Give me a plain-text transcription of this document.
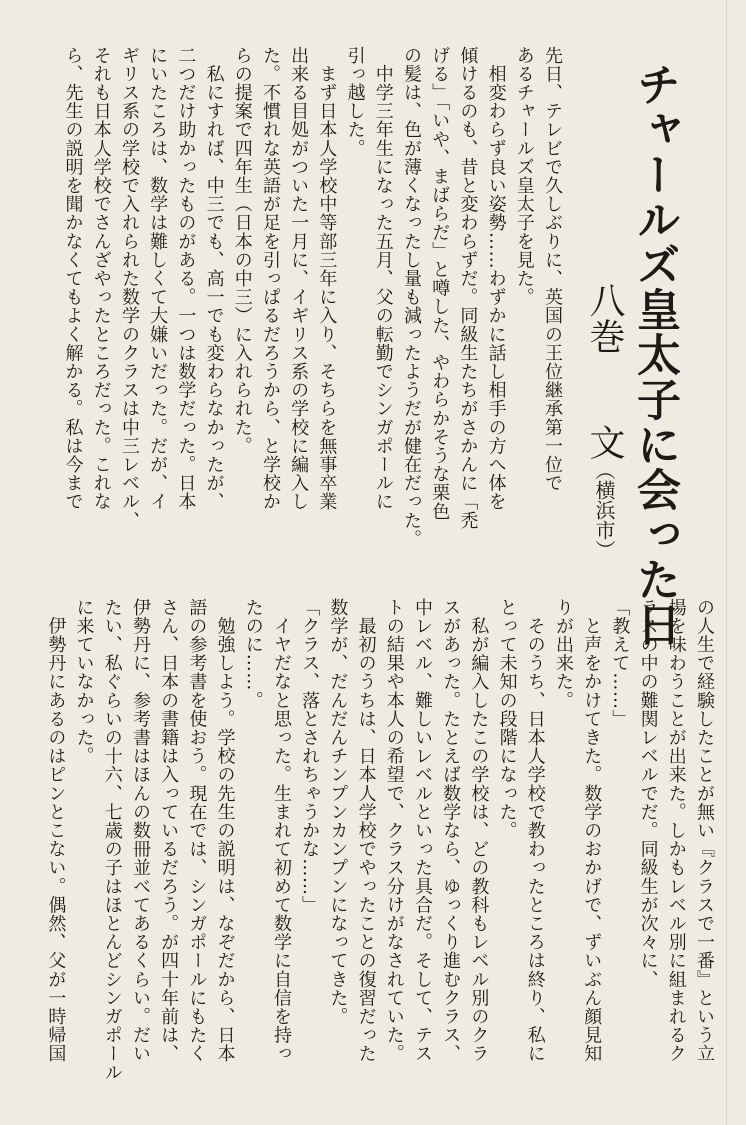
チャールズ皇太子に会った日
八巻文（横浜市）
先日、テレビで久しぶりに、英国の王位継承第一位で
あるチャールズ皇太子を見た。
　相変わらず良い姿勢……わずかに話し相手の方へ体を
傾けるのも、昔と変わらずだ。同級生たちがさかんに「禿
げる」「いや、まばらだ」と噂した、やわらかそうな栗色
の髪は、色が薄くなったし量も減ったようだが健在だった。
　中学三年生になった五月、父の転勤でシンガポールに
引っ越した。
　まず日本人学校中等部三年に入り、そちらを無事卒業
出来る目処がついた一月に、イギリス系の学校に編入し
た。不慣れな英語が足を引っぱるだろうから、と学校か
らの提案で四年生（日本の中三）に入れられた。
　私にすれば、中三でも、高一でも変わらなかったが、
二つだけ助かったものがある。一つは数学だった。日本
にいたころは、数学は難しくて大嫌いだった。だが、イ
ギリス系の学校で入れられた数学のクラスは中三レベル、
それも日本人学校でさんざやったところだった。これな
ら、先生の説明を聞かなくてもよく解かる。私は今まで
の人生で経験したことが無い『クラスで一番』という立
場を味わうことが出来た。しかもレベル別に組まれるク
ラスの中の難関レベルでだ。同級生が次々に、
「教えて……」
　と声をかけてきた。数学のおかげで、ずいぶん顔見知
りが出来た。
　そのうち、日本人学校で教わったところは終り、私に
とって未知の段階になった。
　私が編入したこの学校は、どの教科もレベル別のクラ
スがあった。たとえば数学なら、ゆっくり進むクラス、
中レベル、難しいレベルといった具合だ。そして、テス
トの結果や本人の希望で、クラス分けがなされていた。
　最初のうちは、日本人学校でやったことの復習だった
数学が、だんだんチンプンカンプンになってきた。
「クラス、落とされちゃうかな……」
　イヤだなと思った。生まれて初めて数学に自信を持っ
たのに……。
　勉強しよう。学校の先生の説明は、なぞだから、日本
語の参考書を使おう。現在では、シンガポールにもたく
さん、日本の書籍は入っているだろう。が四十年前は、
伊勢丹に、参考書はほんの数冊並べてあるくらい。だい
たい、私ぐらいの十六、七歳の子はほとんどシンガポール
に来ていなかった。
　伊勢丹にあるのはピンとこない。偶然、父が一時帰国
